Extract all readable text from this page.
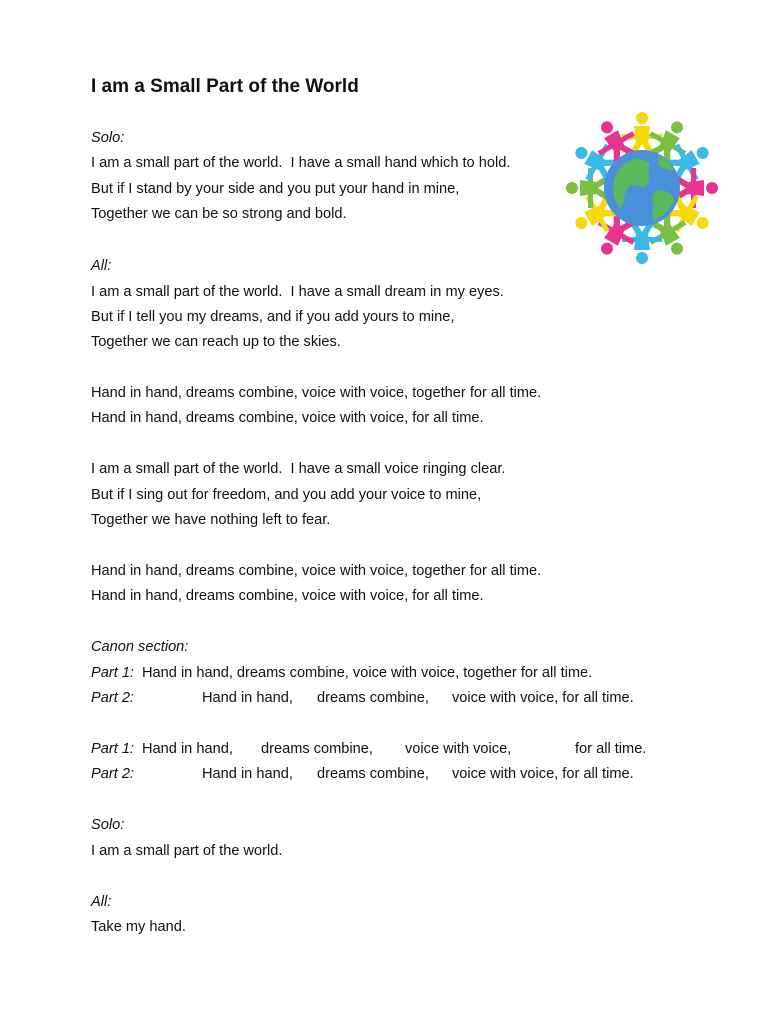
I am a Small Part of the World
Solo:
I am a small part of the world.  I have a small hand which to hold.
But if I stand by your side and you put your hand in mine,
Together we can be so strong and bold.
All:
I am a small part of the world.  I have a small dream in my eyes.
But if I tell you my dreams, and if you add yours to mine,
Together we can reach up to the skies.
Hand in hand, dreams combine, voice with voice, together for all time.
Hand in hand, dreams combine, voice with voice, for all time.
I am a small part of the world.  I have a small voice ringing clear.
But if I sing out for freedom, and you add your voice to mine,
Together we have nothing left to fear.
Hand in hand, dreams combine, voice with voice, together for all time.
Hand in hand, dreams combine, voice with voice, for all time.
Canon section:
Part 1: Hand in hand, dreams combine, voice with voice, together for all time.
Part 2:	Hand in hand, dreams combine, voice with voice, for all time.
Part 1: Hand in hand, dreams combine, voice with voice,	for all time.
Part 2:	Hand in hand, dreams combine, voice with voice, for all time.
Solo:
I am a small part of the world.
All:
Take my hand.
